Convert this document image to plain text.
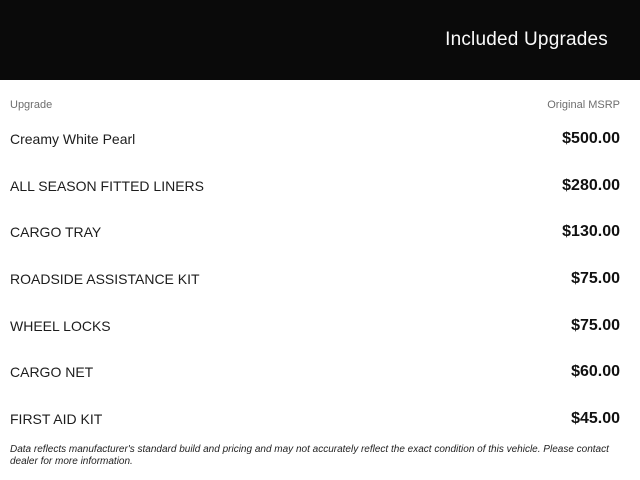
Included Upgrades
Upgrade	Original MSRP
Creamy White Pearl	$500.00
ALL SEASON FITTED LINERS	$280.00
CARGO TRAY	$130.00
ROADSIDE ASSISTANCE KIT	$75.00
WHEEL LOCKS	$75.00
CARGO NET	$60.00
FIRST AID KIT	$45.00
Data reflects manufacturer's standard build and pricing and may not accurately reflect the exact condition of this vehicle. Please contact dealer for more information.
